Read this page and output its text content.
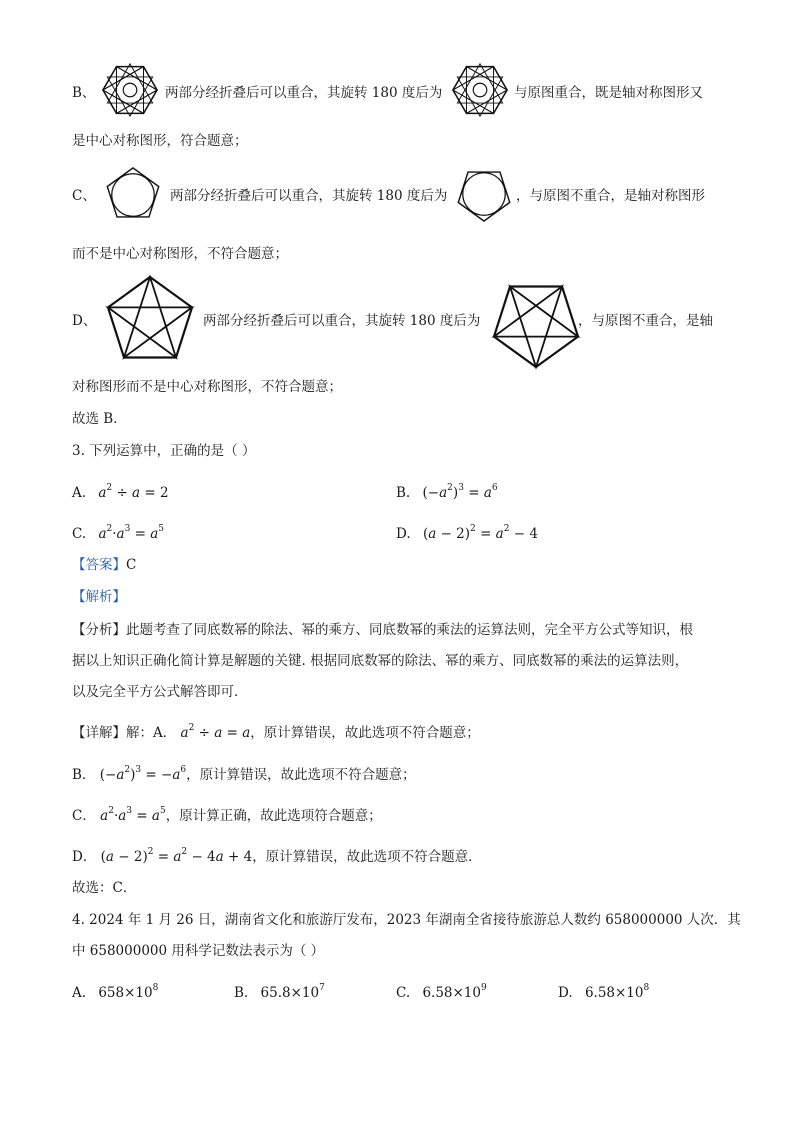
B、	两部分经折叠后可以重合，其旋转 180 度后为	与原图重合，既是轴对称图形又
是中心对称图形，符合题意；
C、	两部分经折叠后可以重合，其旋转 180 度后为	，与原图不重合，是轴对称图形
而不是中心对称图形，不符合题意；
D、	两部分经折叠后可以重合，其旋转 180 度后为	，与原图不重合，是轴
对称图形而不是中心对称图形，不符合题意；
故选 B．
3. 下列运算中，正确的是（ ）
A. $a^2 \div a = 2$	B. $(-a^2)^3 = a^6$
C. $a^2\cdot a^3 = a^5$	D. $(a - 2)^2 = a^2 - 4$
【答案】C
【解析】
【分析】此题考查了同底数幂的除法、幂的乘方、同底数幂的乘法的运算法则，完全平方公式等知识，根
据以上知识正确化简计算是解题的关键. 根据同底数幂的除法、幂的乘方、同底数幂的乘法的运算法则，
以及完全平方公式解答即可．
【详解】解：A． $a^2 \div a = a$，原计算错误，故此选项不符合题意；
B． $(-a^2)^3 = -a^6$，原计算错误，故此选项不符合题意；
C． $a^2\cdot a^3 = a^5$，原计算正确，故此选项符合题意；
D． $(a - 2)^2 = a^2 - 4a + 4$，原计算错误，故此选项不符合题意．
故选：C．
4. 2024 年 1 月 26 日，湖南省文化和旅游厅发布，2023 年湖南全省接待旅游总人数约 658000000 人次．其
中 658000000 用科学记数法表示为（ ）
A. $658\times 10^8$	B. $65.8\times 10^7$	C. $6.58\times 10^9$	D. $6.58\times 10^8$
